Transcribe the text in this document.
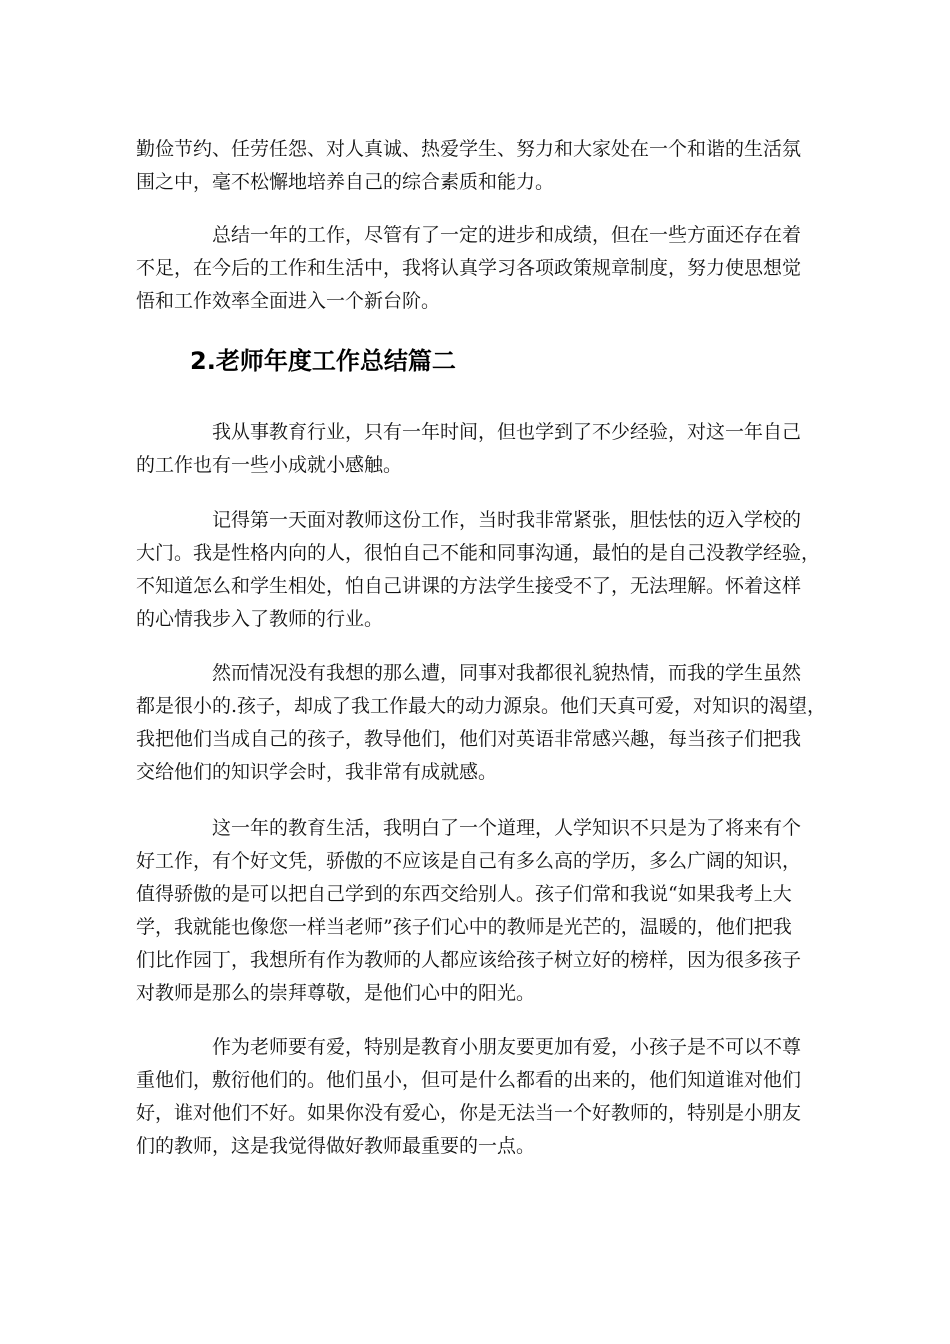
勤俭节约、任劳任怨、对人真诚、热爱学生、努力和大家处在一个和谐的生活氛
围之中，毫不松懈地培养自己的综合素质和能力。

总结一年的工作，尽管有了一定的进步和成绩，但在一些方面还存在着
不足，在今后的工作和生活中，我将认真学习各项政策规章制度，努力使思想觉
悟和工作效率全面进入一个新台阶。

2.老师年度工作总结篇二

我从事教育行业，只有一年时间，但也学到了不少经验，对这一年自己
的工作也有一些小成就小感触。

记得第一天面对教师这份工作，当时我非常紧张，胆怯怯的迈入学校的
大门。我是性格内向的人，很怕自己不能和同事沟通，最怕的是自己没教学经验，
不知道怎么和学生相处，怕自己讲课的方法学生接受不了，无法理解。怀着这样
的心情我步入了教师的行业。

然而情况没有我想的那么遭，同事对我都很礼貌热情，而我的学生虽然
都是很小的.孩子，却成了我工作最大的动力源泉。他们天真可爱，对知识的渴望，
我把他们当成自己的孩子，教导他们，他们对英语非常感兴趣，每当孩子们把我
交给他们的知识学会时，我非常有成就感。

这一年的教育生活，我明白了一个道理，人学知识不只是为了将来有个
好工作，有个好文凭，骄傲的不应该是自己有多么高的学历，多么广阔的知识，
值得骄傲的是可以把自己学到的东西交给别人。孩子们常和我说“如果我考上大
学，我就能也像您一样当老师”孩子们心中的教师是光芒的，温暖的，他们把我
们比作园丁，我想所有作为教师的人都应该给孩子树立好的榜样，因为很多孩子
对教师是那么的崇拜尊敬，是他们心中的阳光。

作为老师要有爱，特别是教育小朋友要更加有爱，小孩子是不可以不尊
重他们，敷衍他们的。他们虽小，但可是什么都看的出来的，他们知道谁对他们
好，谁对他们不好。如果你没有爱心，你是无法当一个好教师的，特别是小朋友
们的教师，这是我觉得做好教师最重要的一点。
